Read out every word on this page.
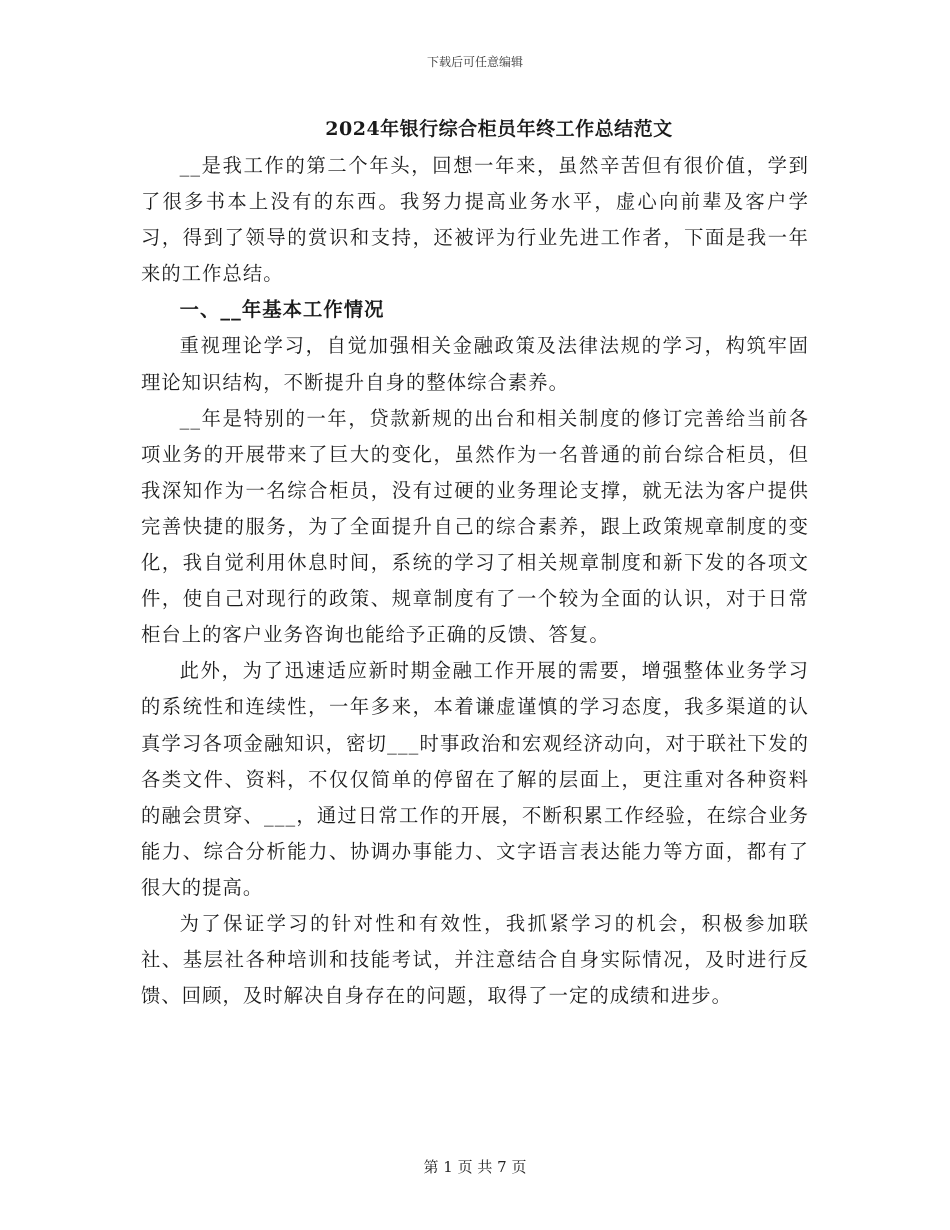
下载后可任意编辑
2024年银行综合柜员年终工作总结范文

__是我工作的第二个年头，回想一年来，虽然辛苦但有很价值，学到了很多书本上没有的东西。我努力提高业务水平，虚心向前辈及客户学习，得到了领导的赏识和支持，还被评为行业先进工作者，下面是我一年来的工作总结。

一、__年基本工作情况

重视理论学习，自觉加强相关金融政策及法律法规的学习，构筑牢固理论知识结构，不断提升自身的整体综合素养。

__年是特别的一年，贷款新规的出台和相关制度的修订完善给当前各项业务的开展带来了巨大的变化，虽然作为一名普通的前台综合柜员，但我深知作为一名综合柜员，没有过硬的业务理论支撑，就无法为客户提供完善快捷的服务，为了全面提升自己的综合素养，跟上政策规章制度的变化，我自觉利用休息时间，系统的学习了相关规章制度和新下发的各项文件，使自己对现行的政策、规章制度有了一个较为全面的认识，对于日常柜台上的客户业务咨询也能给予正确的反馈、答复。

此外，为了迅速适应新时期金融工作开展的需要，增强整体业务学习的系统性和连续性，一年多来，本着谦虚谨慎的学习态度，我多渠道的认真学习各项金融知识，密切___时事政治和宏观经济动向，对于联社下发的各类文件、资料，不仅仅简单的停留在了解的层面上，更注重对各种资料的融会贯穿、___，通过日常工作的开展，不断积累工作经验，在综合业务能力、综合分析能力、协调办事能力、文字语言表达能力等方面，都有了很大的提高。

为了保证学习的针对性和有效性，我抓紧学习的机会，积极参加联社、基层社各种培训和技能考试，并注意结合自身实际情况，及时进行反馈、回顾，及时解决自身存在的问题，取得了一定的成绩和进步。

第 1 页 共 7 页
